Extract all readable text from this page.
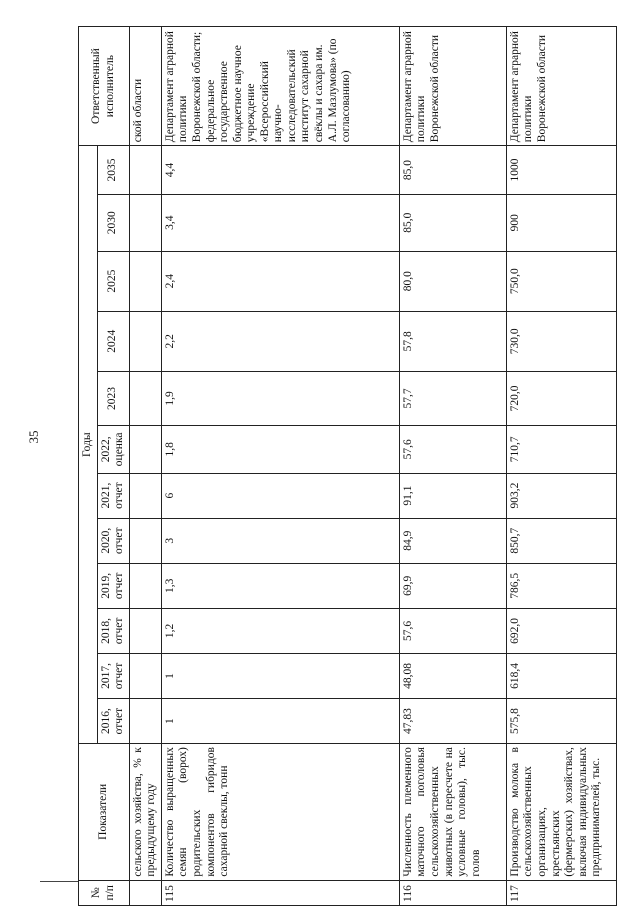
35
№ п/п	Показатели	Годы												Ответственный исполнитель
		2016, отчет	2017, отчет	2018, отчет	2019, отчет	2020, отчет	2021, отчет	2022, оценка	2023	2024	2025	2030	2035	
	сельского хозяйства, % к предыдущему году													ской области
115	Количество выращенных семян (ворох) родительских компонентов гибридов сахарной свеклы, тонн	1	1	1,2	1,3	3	6	1,8	1,9	2,2	2,4	3,4	4,4	Департамент аграрной политики Воронежской области; федеральное государственное бюджетное научное учреждение «Всероссийский научно-исследовательский институт сахарной свёклы и сахара им. А.Л. Мазлумова» (по согласованию)
116	Численность племенного маточного поголовья сельскохозяйственных животных (в пересчете на условные головы), тыс. голов	47,83	48,08	57,6	69,9	84,9	91,1	57,6	57,7	57,8	80,0	85,0	85,0	Департамент аграрной политики Воронежской области
117	Производство молока в сельскохозяйственных организациях, крестьянских (фермерских) хозяйствах, включая индивидуальных предпринимателей, тыс.	575,8	618,4	692,0	786,5	850,7	903,2	710,7	720,0	730,0	750,0	900	1000	Департамент аграрной политики Воронежской области
